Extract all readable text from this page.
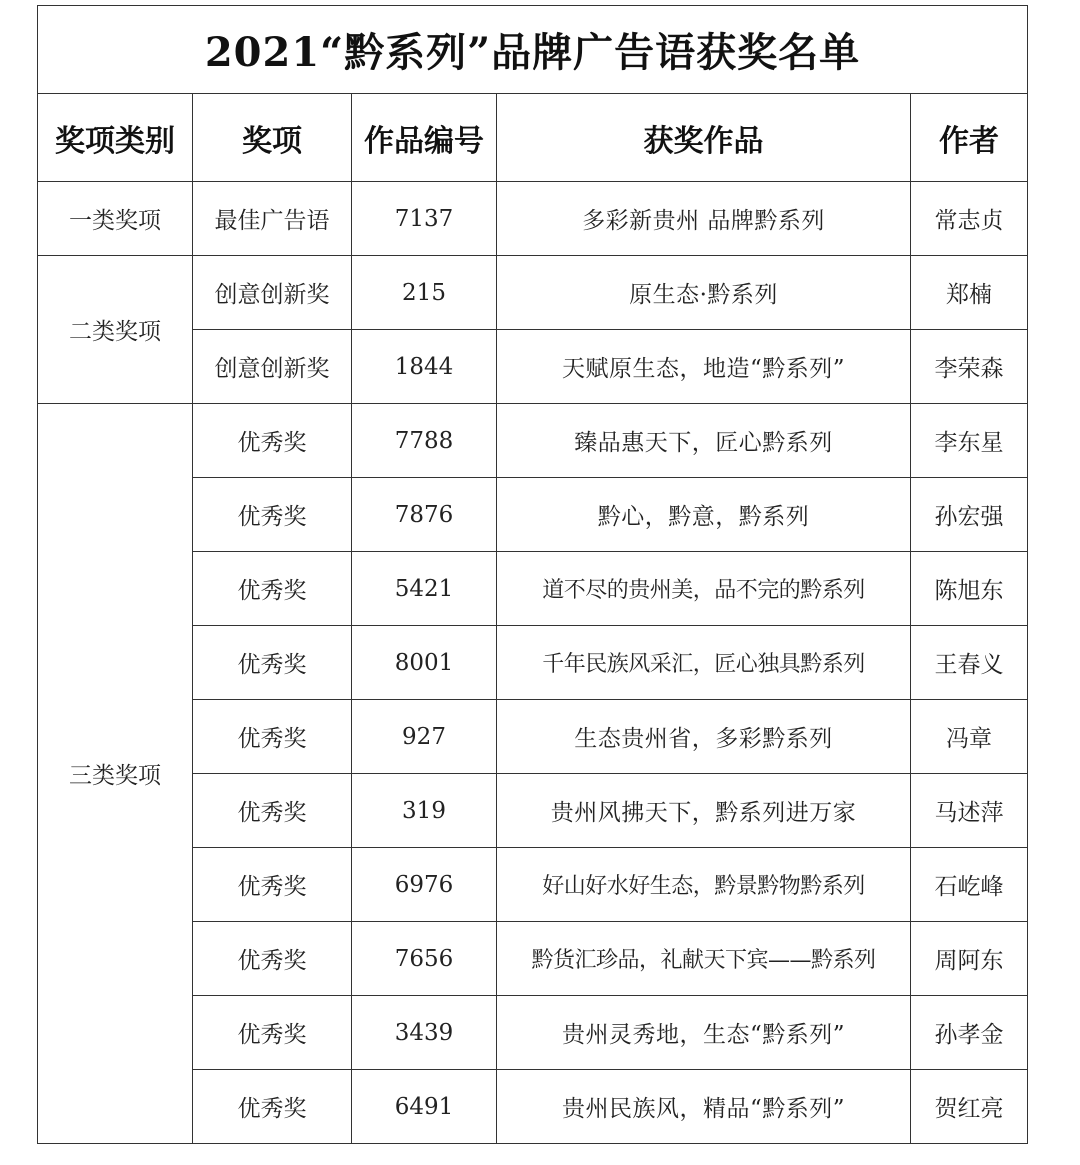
2021“黔系列”品牌广告语获奖名单				
奖项类别	奖项	作品编号	获奖作品	作者
一类奖项	最佳广告语	7137	多彩新贵州 品牌黔系列	常志贞
二类奖项	创意创新奖	215	原生态·黔系列	郑楠
	创意创新奖	1844	天赋原生态，地造“黔系列”	李荣森
三类奖项	优秀奖	7788	臻品惠天下，匠心黔系列	李东星
	优秀奖	7876	黔心，黔意，黔系列	孙宏强
	优秀奖	5421	道不尽的贵州美，品不完的黔系列	陈旭东
	优秀奖	8001	千年民族风采汇，匠心独具黔系列	王春义
	优秀奖	927	生态贵州省，多彩黔系列	冯章
	优秀奖	319	贵州风拂天下，黔系列进万家	马述萍
	优秀奖	6976	好山好水好生态，黔景黔物黔系列	石屹峰
	优秀奖	7656	黔货汇珍品，礼献天下宾——黔系列	周阿东
	优秀奖	3439	贵州灵秀地，生态“黔系列”	孙孝金
	优秀奖	6491	贵州民族风，精品“黔系列”	贺红亮
